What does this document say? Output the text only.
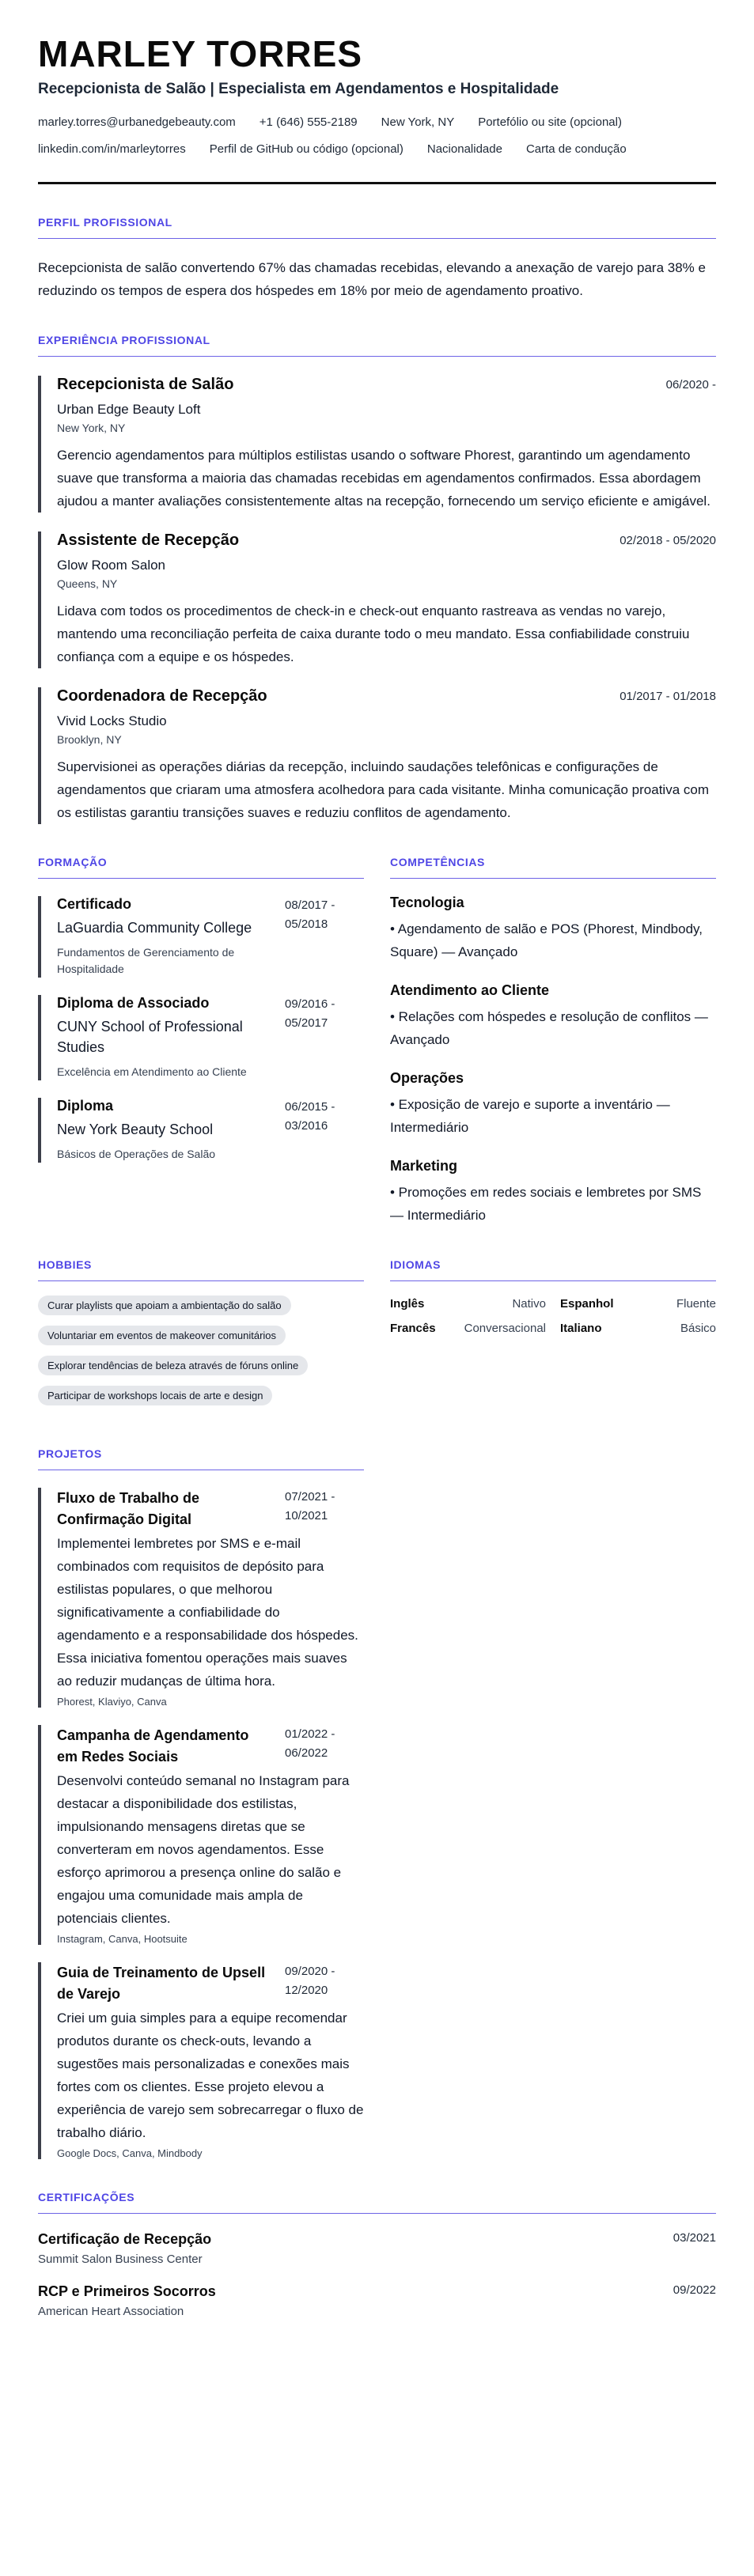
MARLEY TORRES
Recepcionista de Salão | Especialista em Agendamentos e Hospitalidade
marley.torres@urbanedgebeauty.com +1 (646) 555-2189 New York, NY Portefólio ou site (opcional)
linkedin.com/in/marleytorres Perfil de GitHub ou código (opcional) Nacionalidade Carta de condução
PERFIL PROFISSIONAL

Recepcionista de salão convertendo 67% das chamadas recebidas, elevando a anexação de varejo para 38% e reduzindo os tempos de espera dos hóspedes em 18% por meio de agendamento proativo.

EXPERIÊNCIA PROFISSIONAL
Recepcionista de Salão	06/2020 -
Urban Edge Beauty Loft
New York, NY

Gerencio agendamentos para múltiplos estilistas usando o software Phorest, garantindo um agendamento suave que transforma a maioria das chamadas recebidas em agendamentos confirmados. Essa abordagem ajudou a manter avaliações consistentemente altas na recepção, fornecendo um serviço eficiente e amigável.

Assistente de Recepção	02/2018 - 05/2020
Glow Room Salon
Queens, NY

Lidava com todos os procedimentos de check-in e check-out enquanto rastreava as vendas no varejo, mantendo uma reconciliação perfeita de caixa durante todo o meu mandato. Essa confiabilidade construiu confiança com a equipe e os hóspedes.

Coordenadora de Recepção	01/2017 - 01/2018
Vivid Locks Studio
Brooklyn, NY

Supervisionei as operações diárias da recepção, incluindo saudações telefônicas e configurações de agendamentos que criaram uma atmosfera acolhedora para cada visitante. Minha comunicação proativa com os estilistas garantiu transições suaves e reduziu conflitos de agendamento.

FORMAÇÃO
Certificado
LaGuardia Community College
Fundamentos de Gerenciamento de Hospitalidade
08/2017 - 05/2018
Diploma de Associado
CUNY School of Professional Studies
Excelência em Atendimento ao Cliente
09/2016 - 05/2017
Diploma
New York Beauty School
Básicos de Operações de Salão
06/2015 - 03/2016
COMPETÊNCIAS
Tecnologia
• Agendamento de salão e POS (Phorest, Mindbody, Square) — Avançado
Atendimento ao Cliente
• Relações com hóspedes e resolução de conflitos — Avançado
Operações
• Exposição de varejo e suporte a inventário — Intermediário
Marketing
• Promoções em redes sociais e lembretes por SMS — Intermediário
HOBBIES
Curar playlists que apoiam a ambientação do salão
Voluntariar em eventos de makeover comunitários
Explorar tendências de beleza através de fóruns online
Participar de workshops locais de arte e design
IDIOMAS
Inglês	Nativo Espanhol	Fluente
Francês Conversacional Italiano	Básico
PROJETOS
Fluxo de Trabalho de Confirmação Digital
07/2021 - 10/2021

Implementei lembretes por SMS e e-mail combinados com requisitos de depósito para estilistas populares, o que melhorou significativamente a confiabilidade do agendamento e a responsabilidade dos hóspedes. Essa iniciativa fomentou operações mais suaves ao reduzir mudanças de última hora.

Phorest, Klaviyo, Canva
Campanha de Agendamento em Redes Sociais
01/2022 - 06/2022

Desenvolvi conteúdo semanal no Instagram para destacar a disponibilidade dos estilistas, impulsionando mensagens diretas que se converteram em novos agendamentos. Esse esforço aprimorou a presença online do salão e engajou uma comunidade mais ampla de potenciais clientes.

Instagram, Canva, Hootsuite
Guia de Treinamento de Upsell de Varejo
09/2020 - 12/2020

Criei um guia simples para a equipe recomendar produtos durante os check-outs, levando a sugestões mais personalizadas e conexões mais fortes com os clientes. Esse projeto elevou a experiência de varejo sem sobrecarregar o fluxo de trabalho diário.

Google Docs, Canva, Mindbody
CERTIFICAÇÕES
Certificação de Recepção	03/2021
Summit Salon Business Center
RCP e Primeiros Socorros	09/2022
American Heart Association
